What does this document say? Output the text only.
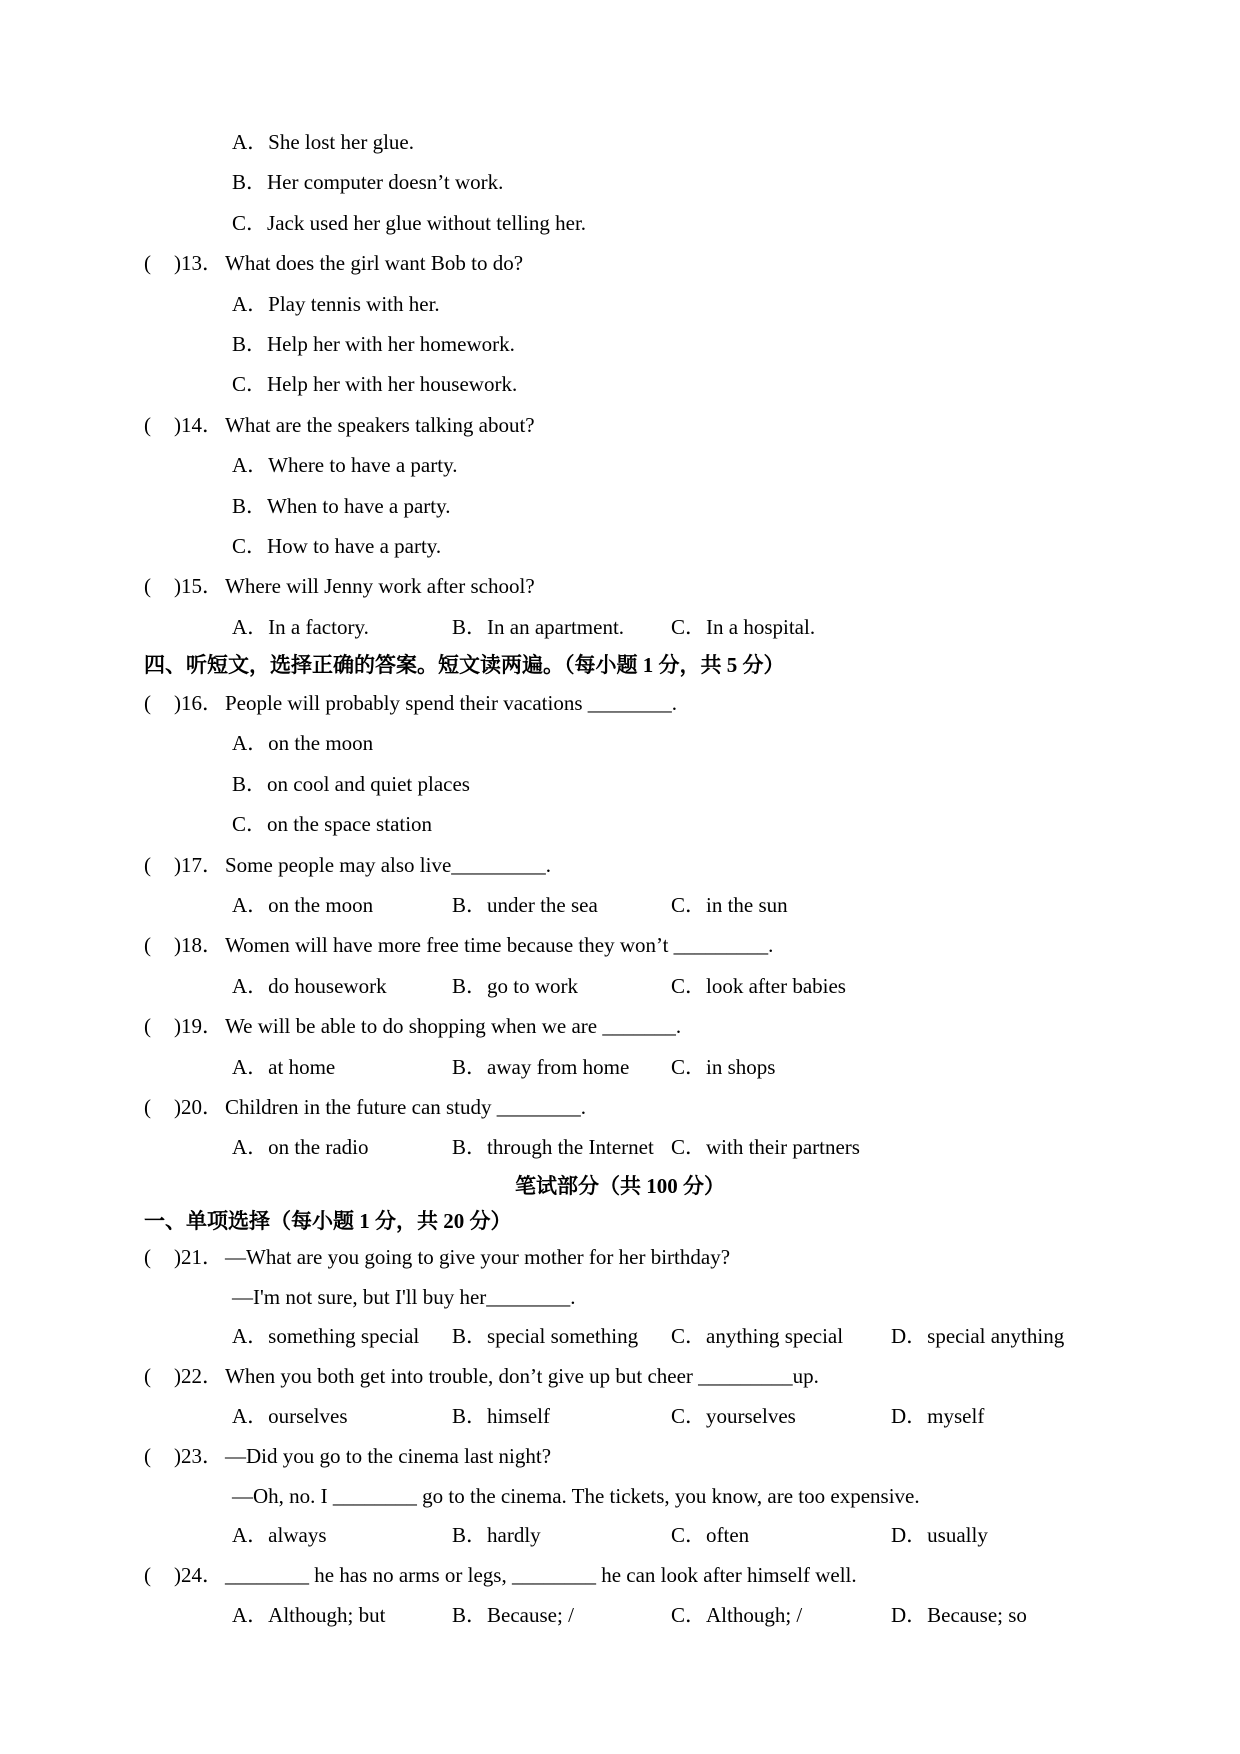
A．She lost her glue.
B．Her computer doesn’t work.
C．Jack used her glue without telling her.
( )13． What does the girl want Bob to do?
A．Play tennis with her.
B．Help her with her homework.
C．Help her with her housework.
( )14． What are the speakers talking about?
A．Where to have a party.
B．When to have a party.
C．How to have a party.
( )15． Where will Jenny work after school?
A．In a factory.	B．In an apartment. C．In a hospital.
四、听短文，选择正确的答案。短文读两遍。（每小题 1 分，共 5 分）
( )16． People will probably spend their vacations ________.
A．on the moon
B．on cool and quiet places
C．on the space station
( )17． Some people may also live_________.
A．on the moon	B．under the sea	C．in the sun
( )18． Women will have more free time because they won’t _________.
A．do housework	B．go to work	C．look after babies
( )19． We will be able to do shopping when we are _______.
A．at home	B．away from home C．in shops
( )20． Children in the future can study ________.
A．on the radio	B．through the Internet C．with their partners
笔试部分（共 100 分）
一、单项选择（每小题 1 分，共 20 分）
( )21． —What are you going to give your mother for her birthday?
—I'm not sure, but I'll buy her________.
A．something special B．special something C．anything special D．special anything
( )22． When you both get into trouble, don’t give up but cheer _________up.
A．ourselves	B．himself	C．yourselves	D．myself
( )23． —Did you go to the cinema last night?
—Oh, no. I ________ go to the cinema. The tickets, you know, are too expensive.
A．always	B．hardly	C．often	D．usually
( )24． ________ he has no arms or legs, ________ he can look after himself well.
A．Although; but	B．Because; /	C．Although; /	D．Because; so
